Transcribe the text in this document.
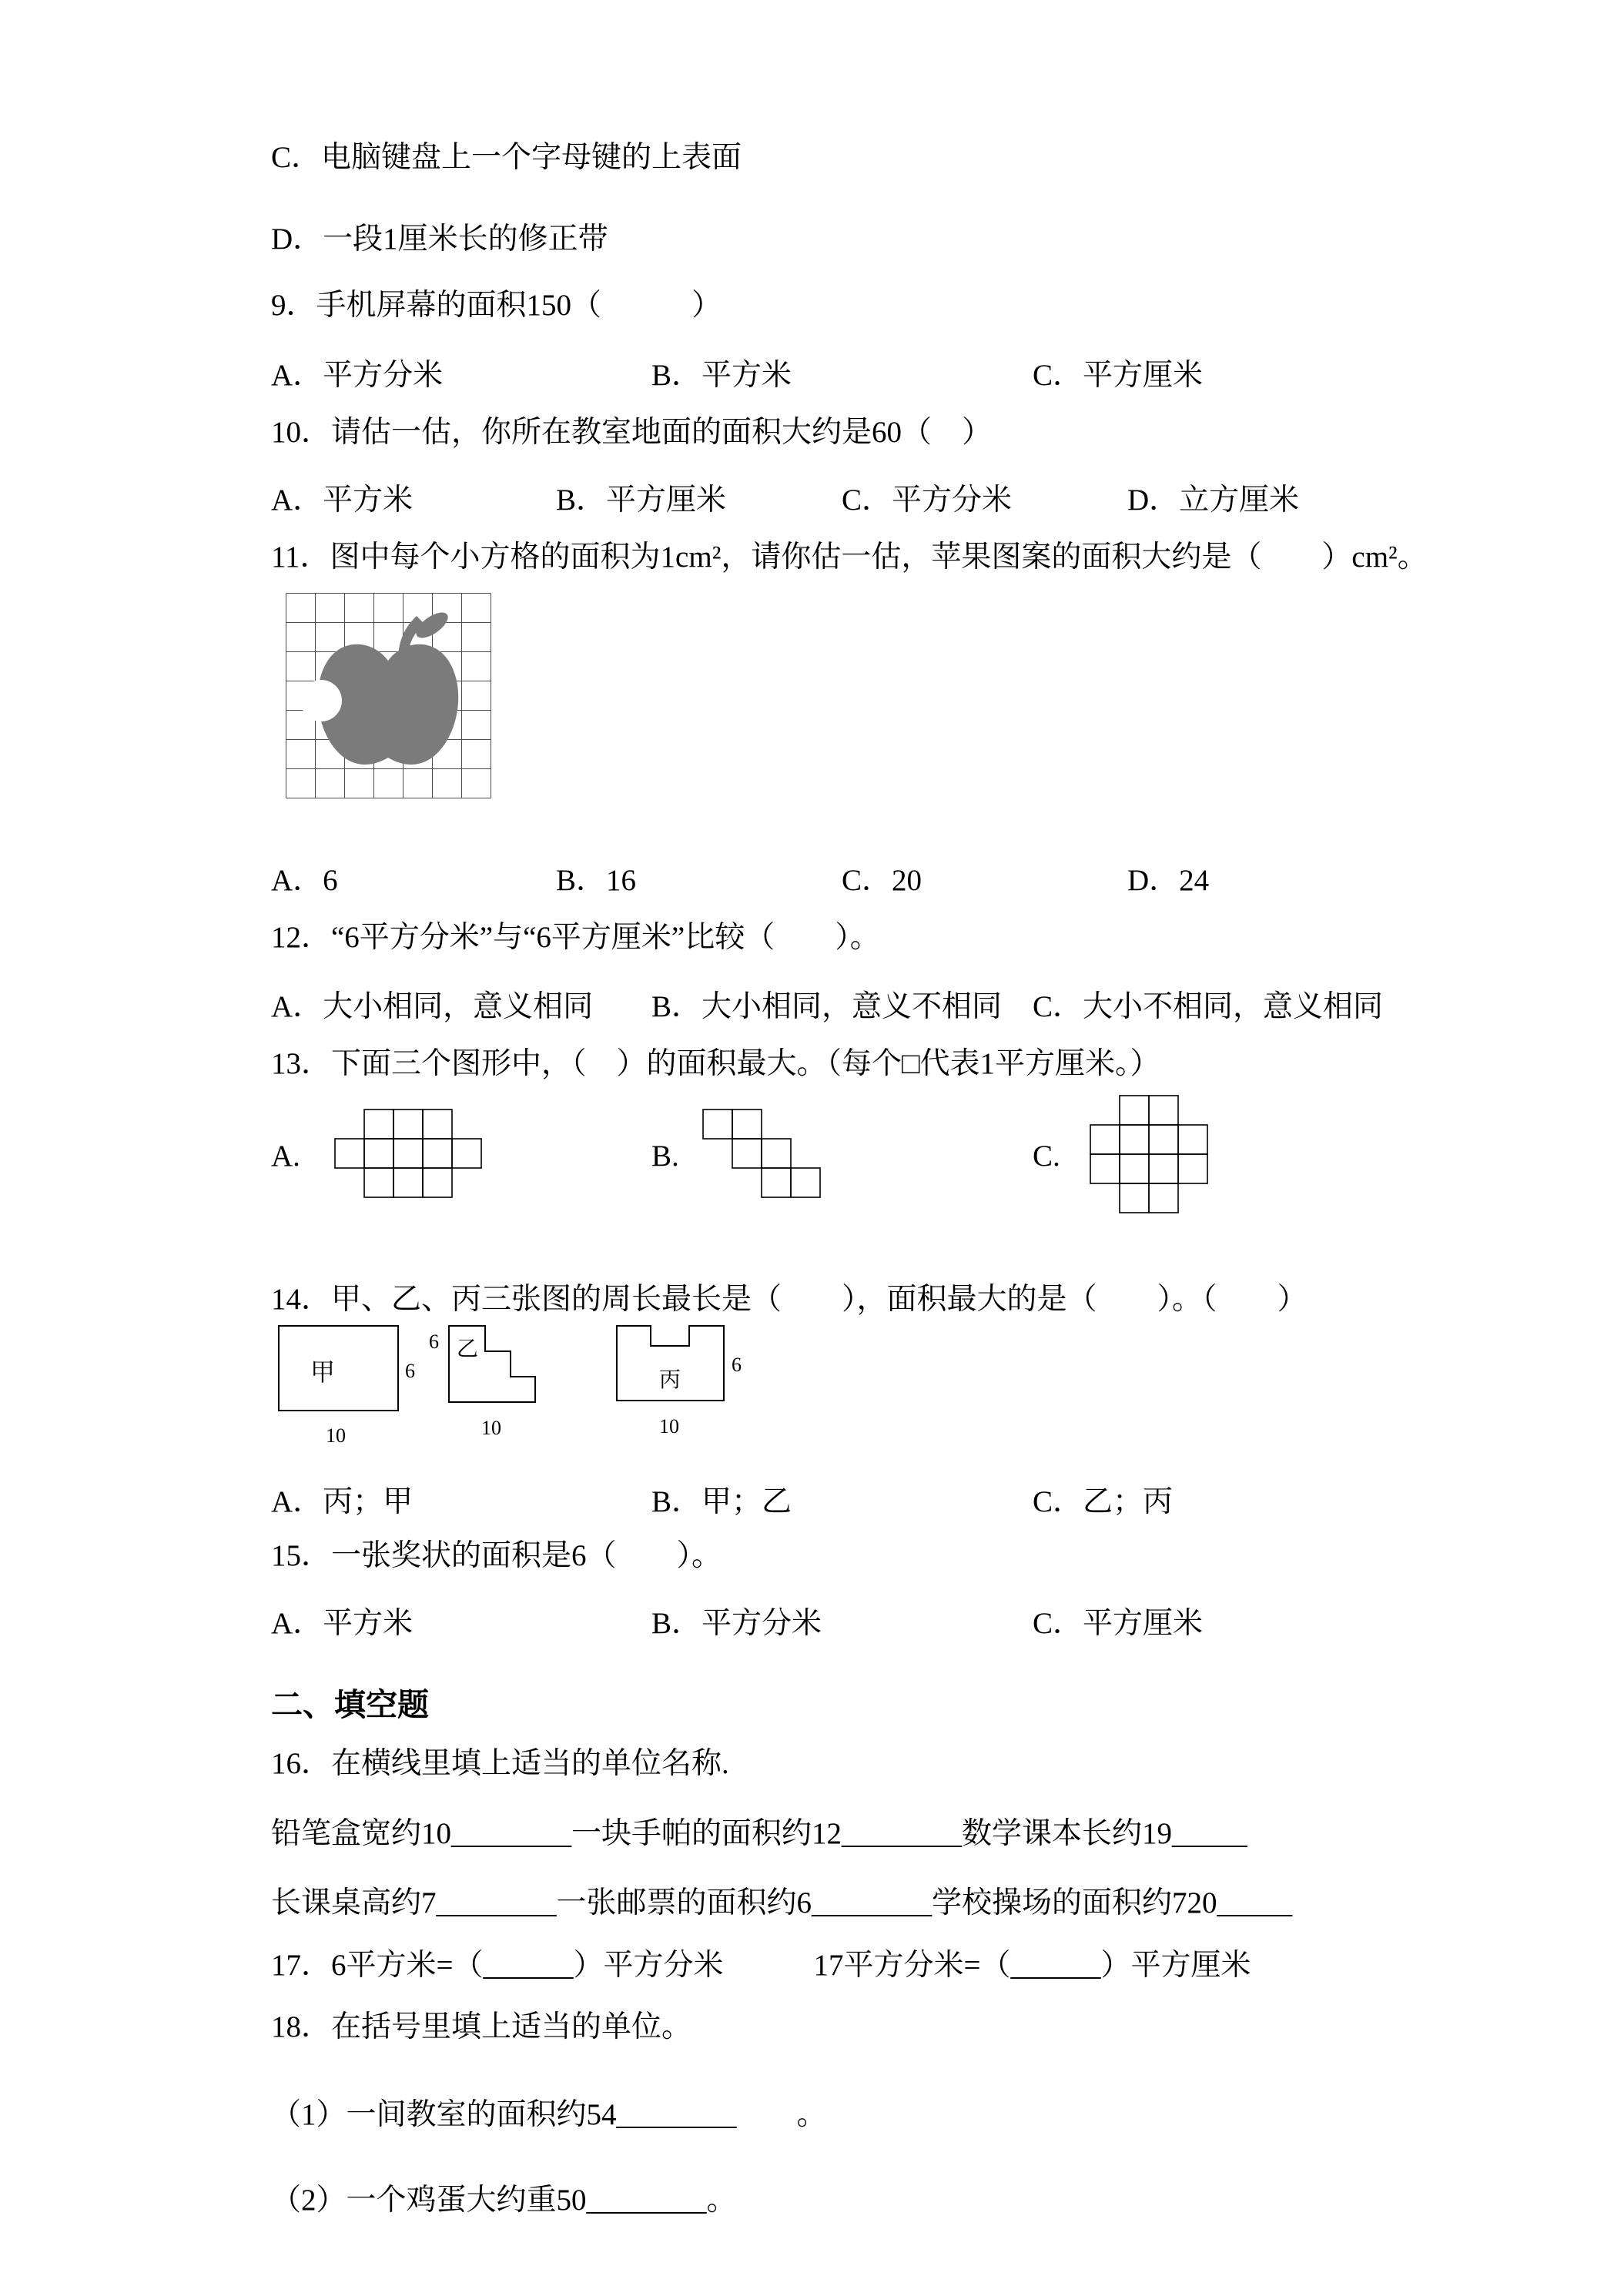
C．电脑键盘上一个字母键的上表面
D．一段1厘米长的修正带
9．手机屏幕的面积150（　　　）
A．平方分米	B．平方米	C．平方厘米
10．请估一估，你所在教室地面的面积大约是60（　）
A．平方米	B．平方厘米	C．平方分米	D．立方厘米
11．图中每个小方格的面积为1cm²，请你估一估，苹果图案的面积大约是（　　）cm²。
A．6	B．16	C．20	D．24
12．“6平方分米”与“6平方厘米”比较（　　）。
A．大小相同，意义相同 B．大小相同，意义不相同 C．大小不相同，意义相同
13．下面三个图形中，（　）的面积最大。（每个□代表1平方厘米。）
A.	B.	C.
14．甲、乙、丙三张图的周长最长是（　　），面积最大的是（　　）。（　　）
甲	6
10
6 乙
10
丙
6
10
A．丙；甲	B．甲；乙	C．乙；丙
15．一张奖状的面积是6（　　）。
A．平方米	B．平方分米	C．平方厘米
二、填空题
16．在横线里填上适当的单位名称.
铅笔盒宽约10________一块手帕的面积约12________数学课本长约19_____
长课桌高约7________一张邮票的面积约6________学校操场的面积约720_____
17．6平方米=（______）平方分米　　　17平方分米=（______）平方厘米
18．在括号里填上适当的单位。
（1）一间教室的面积约54________　　。
（2）一个鸡蛋大约重50________。
